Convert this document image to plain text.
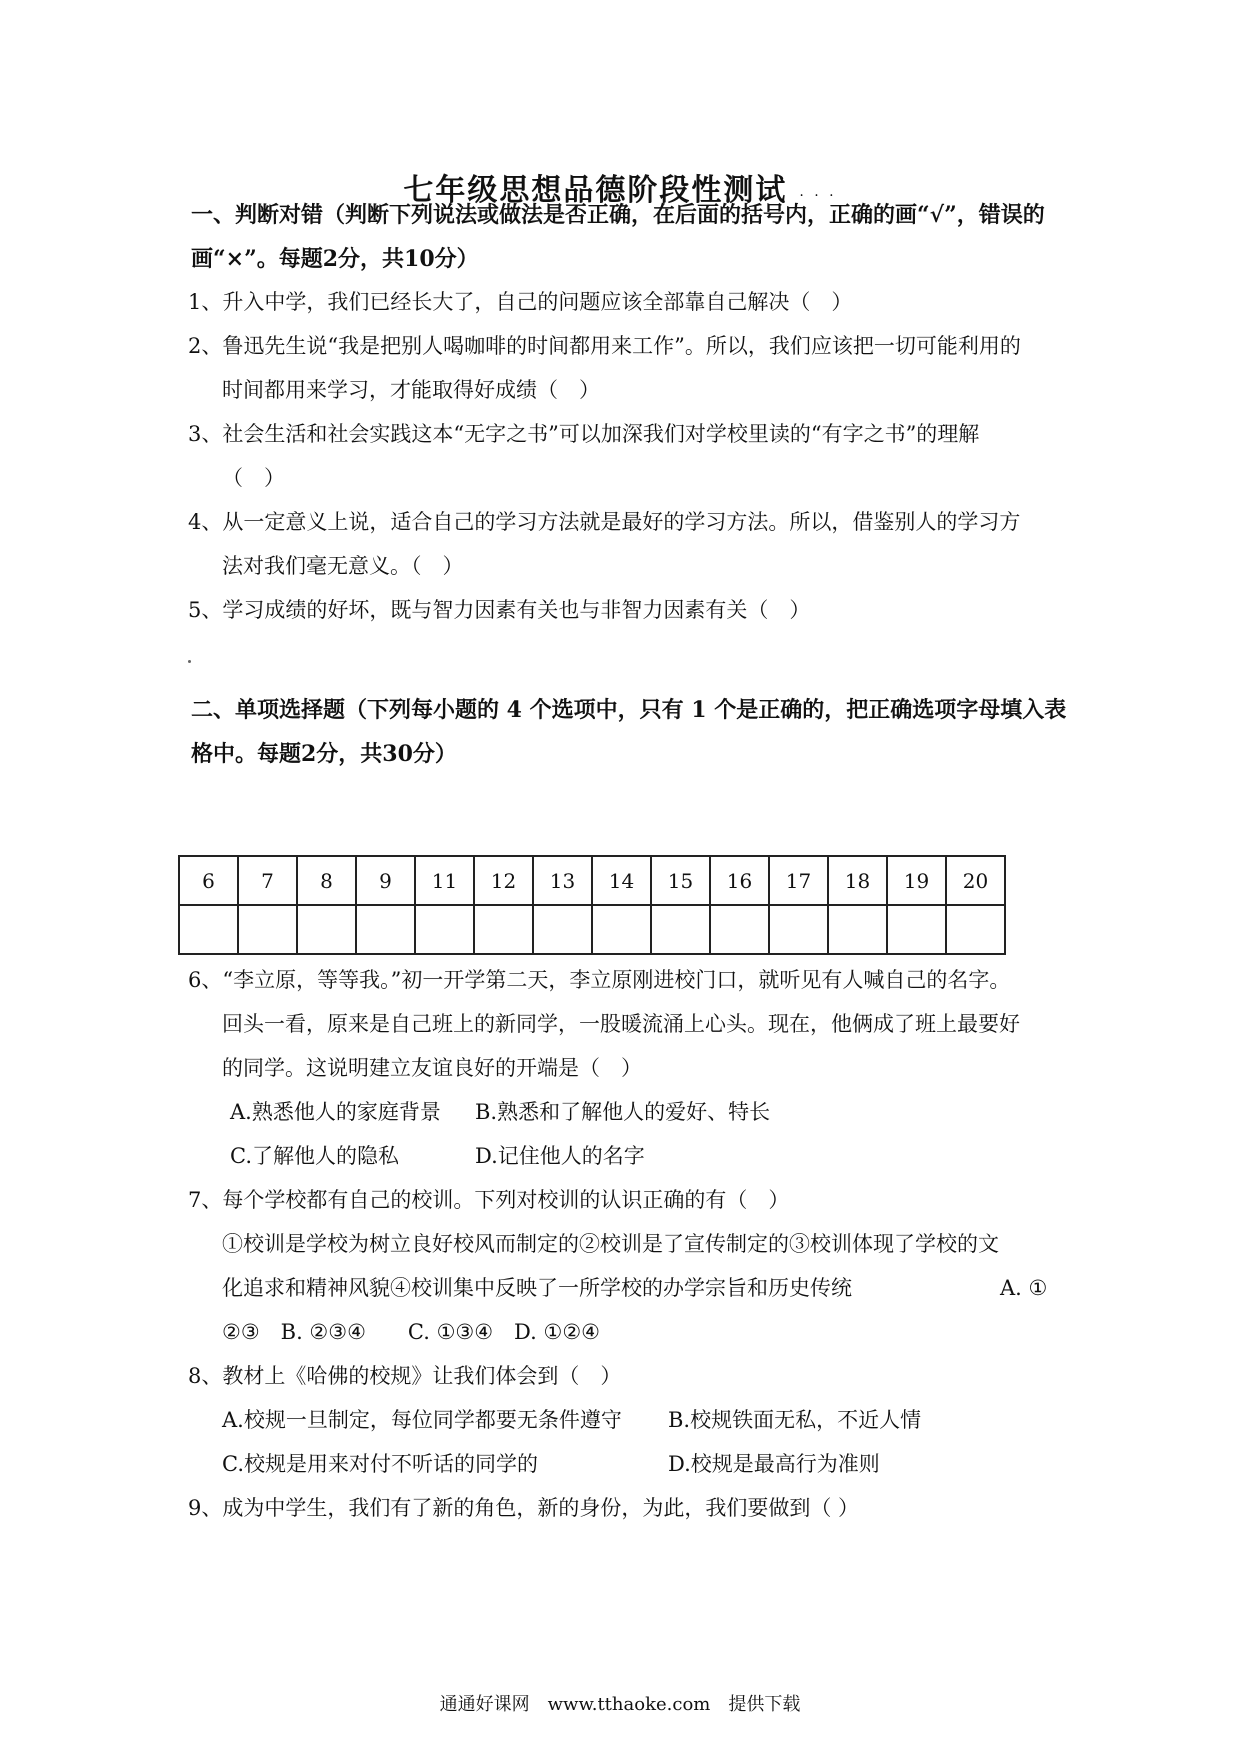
七年级思想品德阶段性测试 . . .
一、判断对错（判断下列说法或做法是否正确，在后面的括号内，正确的画“√”，错误的
画“×”。每题2分，共10分）
1、升入中学，我们已经长大了，自己的问题应该全部靠自己解决（　）
2、鲁迅先生说“我是把别人喝咖啡的时间都用来工作”。所以，我们应该把一切可能利用的
时间都用来学习，才能取得好成绩（　）
3、社会生活和社会实践这本“无字之书”可以加深我们对学校里读的“有字之书”的理解
（　）
4、从一定意义上说，适合自己的学习方法就是最好的学习方法。所以，借鉴别人的学习方
法对我们毫无意义。（　）
5、学习成绩的好坏，既与智力因素有关也与非智力因素有关（　）
二、单项选择题（下列每小题的 4 个选项中，只有 1 个是正确的，把正确选项字母填入表
格中。每题2分，共30分）
6	7	8	9	11	12	13	14	15	16	17	18	19	20

6、“李立原，等等我。”初一开学第二天，李立原刚进校门口，就听见有人喊自己的名字。
回头一看，原来是自己班上的新同学，一股暖流涌上心头。现在，他俩成了班上最要好
的同学。这说明建立友谊良好的开端是（　）
A.熟悉他人的家庭背景 B.熟悉和了解他人的爱好、特长
C.了解他人的隐私	D.记住他人的名字
7、每个学校都有自己的校训。下列对校训的认识正确的有（　）
①校训是学校为树立良好校风而制定的②校训是了宣传制定的③校训体现了学校的文
化追求和精神风貌④校训集中反映了一所学校的办学宗旨和历史传统	A. ①
②③　B. ②③④　　C. ①③④　D. ①②④
8、教材上《哈佛的校规》让我们体会到（　）
A.校规一旦制定，每位同学都要无条件遵守 B.校规铁面无私，不近人情
C.校规是用来对付不听话的同学的	D.校规是最高行为准则
9、成为中学生，我们有了新的角色，新的身份，为此，我们要做到（ ）
通通好课网　www.tthaoke.com　提供下载
